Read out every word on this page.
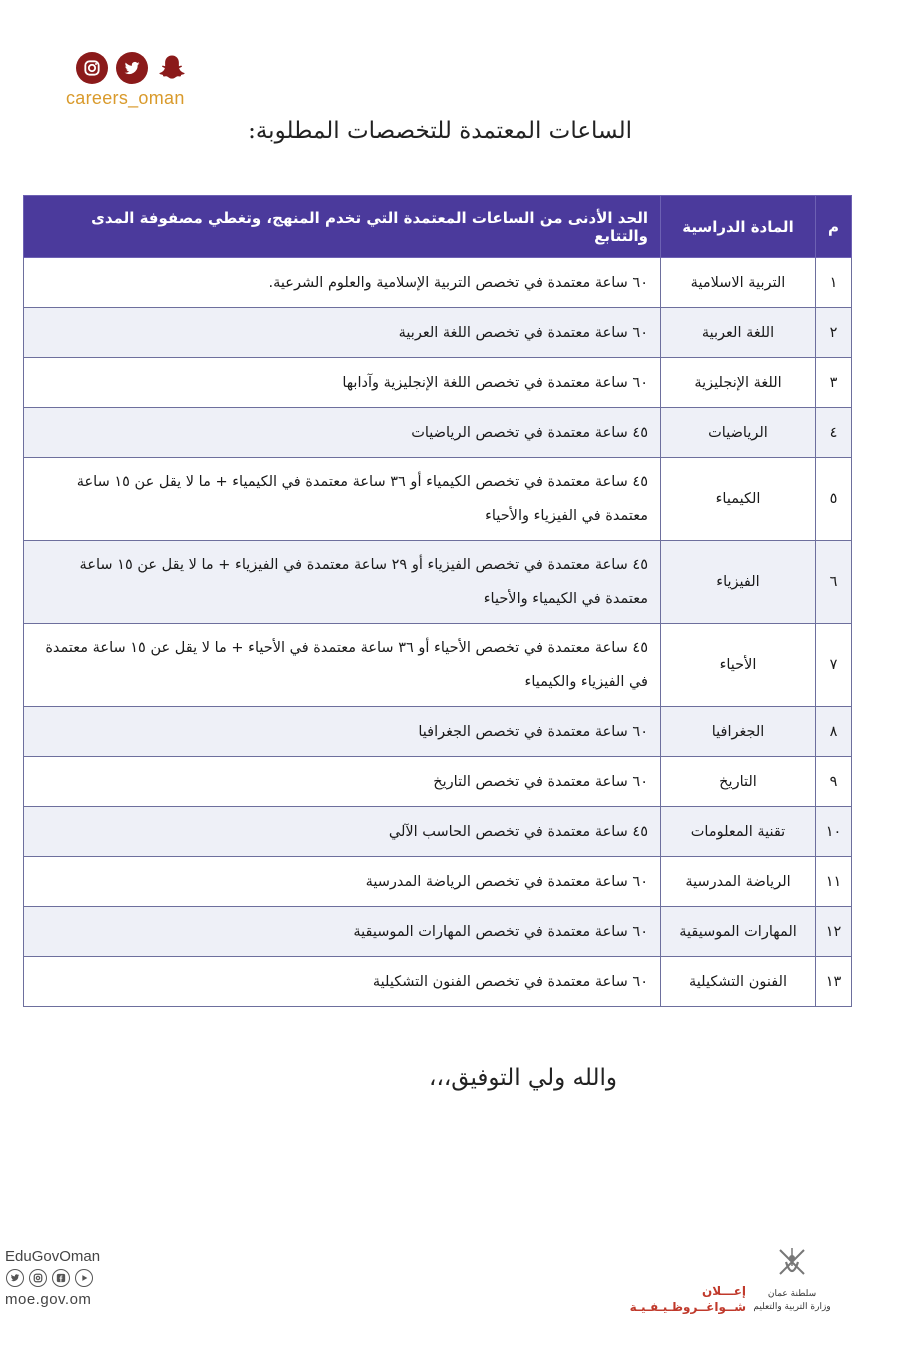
careers_oman
الساعات المعتمدة للتخصصات المطلوبة:
م	المادة الدراسية	الحد الأدنى من الساعات المعتمدة التي تخدم المنهج، وتغطي مصفوفة المدى والتتابع
١	التربية الاسلامية	٦٠ ساعة معتمدة في تخصص التربية الإسلامية والعلوم الشرعية.
٢	اللغة العربية	٦٠ ساعة معتمدة في تخصص اللغة العربية
٣	اللغة الإنجليزية	٦٠ ساعة معتمدة في تخصص اللغة الإنجليزية وآدابها
٤	الرياضيات	٤٥ ساعة معتمدة في تخصص الرياضيات
٥	الكيمياء	٤٥ ساعة معتمدة في تخصص الكيمياء أو ٣٦ ساعة معتمدة في الكيمياء + ما لا يقل عن ١٥ ساعة معتمدة في الفيزياء والأحياء
٦	الفيزياء	٤٥ ساعة معتمدة في تخصص الفيزياء أو ٢٩ ساعة معتمدة في الفيزياء + ما لا يقل عن ١٥ ساعة معتمدة في الكيمياء والأحياء
٧	الأحياء	٤٥ ساعة معتمدة في تخصص الأحياء أو ٣٦ ساعة معتمدة في الأحياء + ما لا يقل عن ١٥ ساعة معتمدة في الفيزياء والكيمياء
٨	الجغرافيا	٦٠ ساعة معتمدة في تخصص الجغرافيا
٩	التاريخ	٦٠ ساعة معتمدة في تخصص التاريخ
١٠	تقنية المعلومات	٤٥ ساعة معتمدة في تخصص الحاسب الآلي
١١	الرياضة المدرسية	٦٠ ساعة معتمدة في تخصص الرياضة المدرسية
١٢	المهارات الموسيقية	٦٠ ساعة معتمدة في تخصص المهارات الموسيقية
١٣	الفنون التشكيلية	٦٠ ساعة معتمدة في تخصص الفنون التشكيلية
والله ولي التوفيق،،،
EduGovOman
moe.gov.om	إعـــلان
شــواغــروظـيـفـيـة
سلطنة عمان
وزارة التربية والتعليم
